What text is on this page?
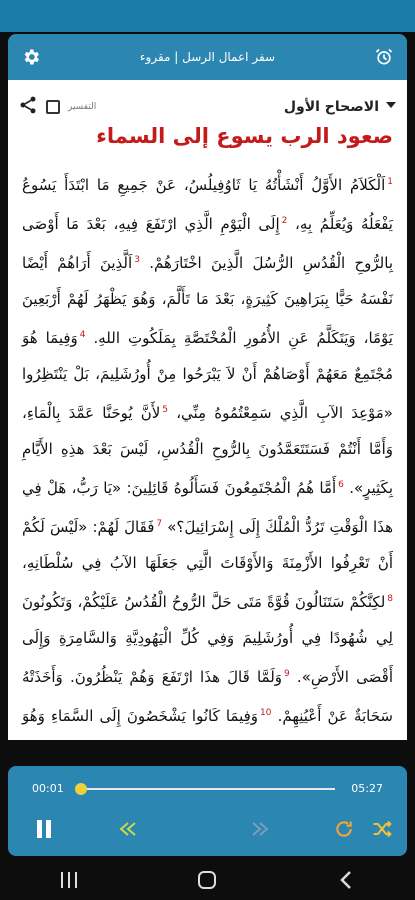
سفر اعمال الرسل | مقروء
التفسير	الاصحاح الأول
صعود الرب يسوع إلى السماء
$^1$اَلْكَلاَمُ الأَوَّلُ أَنْشَأْتُهُ يَا ثَاوُفِيلُسُ، عَنْ جَمِيعِ مَا ابْتَدَأَ يَسُوعُ يَفْعَلُهُ وَيُعَلِّمُ بِهِ، $^2$إِلَى الْيَوْمِ الَّذِي ارْتَفَعَ فِيهِ، بَعْدَ مَا أَوْصَى بِالرُّوحِ الْقُدُسِ الرُّسُلَ الَّذِينَ اخْتَارَهُمْ. $^3$اَلَّذِينَ أَرَاهُمْ أَيْضًا نَفْسَهُ حَيًّا بِبَرَاهِينَ كَثِيرَةٍ، بَعْدَ مَا تَأَلَّمَ، وَهُوَ يَظْهَرُ لَهُمْ أَرْبَعِينَ يَوْمًا، وَيَتَكَلَّمُ عَنِ الأُمُورِ الْمُخْتَصَّةِ بِمَلَكُوتِ اللهِ. $^4$وَفِيمَا هُوَ مُجْتَمِعٌ مَعَهُمْ أَوْصَاهُمْ أَنْ لاَ يَبْرَحُوا مِنْ أُورُشَلِيمَ، بَلْ يَنْتَظِرُوا «مَوْعِدَ الآبِ الَّذِي سَمِعْتُمُوهُ مِنِّي، $^5$لأَنَّ يُوحَنَّا عَمَّدَ بِالْمَاءِ، وَأَمَّا أَنْتُمْ فَسَتَتَعَمَّدُونَ بِالرُّوحِ الْقُدُسِ، لَيْسَ بَعْدَ هذِهِ الأَيَّامِ بِكَثِيرٍ». $^6$أَمَّا هُمُ الْمُجْتَمِعُونَ فَسَأَلُوهُ قَائِلِينَ: «يَا رَبُّ، هَلْ فِي هذَا الْوَقْتِ تَرُدُّ الْمُلْكَ إِلَى إِسْرَائِيلَ؟» $^7$فَقَالَ لَهُمْ: «لَيْسَ لَكُمْ أَنْ تَعْرِفُوا الأَزْمِنَةَ وَالأَوْقَاتَ الَّتِي جَعَلَهَا الآبُ فِي سُلْطَانِهِ، $^8$لكِنَّكُمْ سَتَنَالُونَ قُوَّةً مَتَى حَلَّ الرُّوحُ الْقُدُسُ عَلَيْكُمْ، وَتَكُونُونَ لِي شُهُودًا فِي أُورُشَلِيمَ وَفِي كُلِّ الْيَهُودِيَّةِ وَالسَّامِرَةِ وَإِلَى أَقْصَى الأَرْضِ». $^9$وَلَمَّا قَالَ هذَا ارْتَفَعَ وَهُمْ يَنْظُرُونَ. وَأَخَذَتْهُ سَحَابَةٌ عَنْ أَعْيُنِهِمْ. $^{10}$وَفِيمَا كَانُوا يَشْخَصُونَ إِلَى السَّمَاءِ وَهُوَ
00:01	05:27
